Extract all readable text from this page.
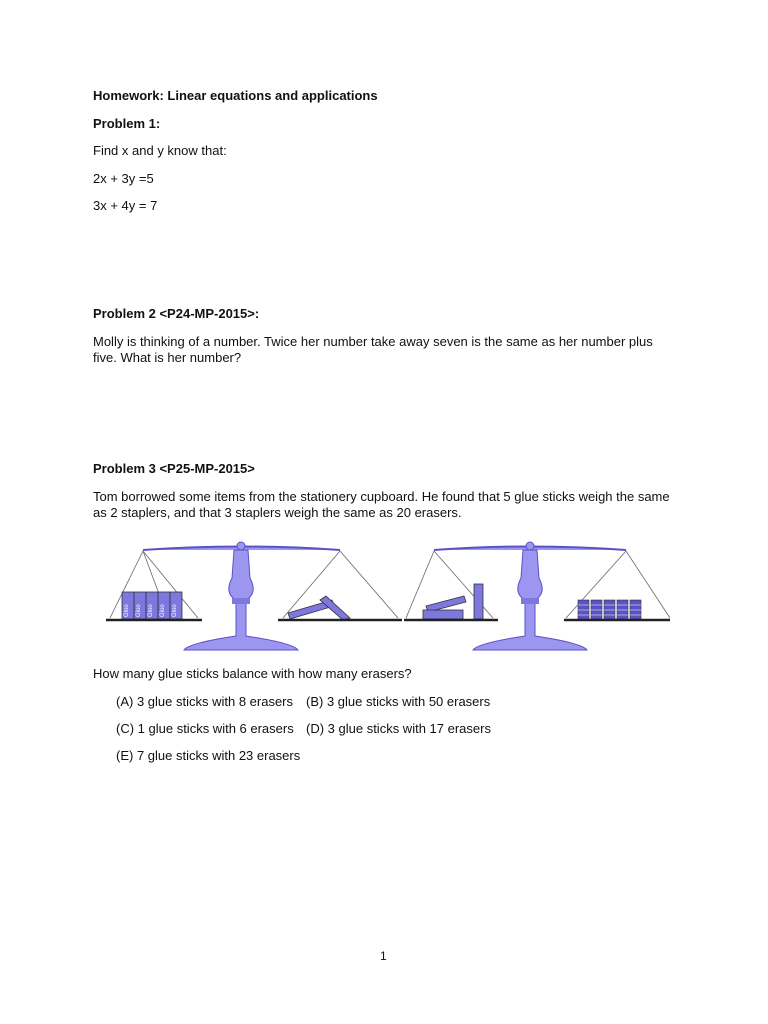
Homework: Linear equations and applications
Problem 1:
Find x and y know that:
2x + 3y =5
3x + 4y = 7
Problem 2 <P24-MP-2015>:
Molly is thinking of a number. Twice her number take away seven is the same as her number plus five. What is her number?
Problem 3 <P25-MP-2015>
Tom borrowed some items from the stationery cupboard. He found that 5 glue sticks weigh the same as 2 staplers, and that 3 staplers weigh the same as 20 erasers.
Gloo Gloo Gloo Gloo Gloo
How many glue sticks balance with how many erasers?
(A) 3 glue sticks with 8 erasers (B) 3 glue sticks with 50 erasers
(C) 1 glue sticks with 6 erasers (D) 3 glue sticks with 17 erasers
(E) 7 glue sticks with 23 erasers
1
